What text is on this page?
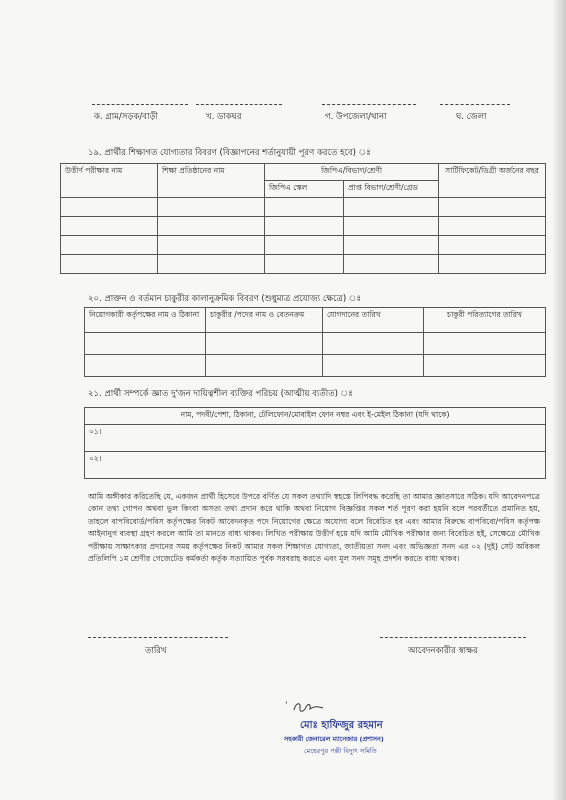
ক. গ্রাম/সড়ক/বাড়ী	খ. ডাকঘর	গ. উপজেলা/থানা	ঘ. জেলা
১৯. প্রার্থীর শিক্ষাগত যোগ্যতার বিবরণ (বিজ্ঞাপনের শর্তানুযায়ী পূরণ করতে হবে) ঃ
উত্তীর্ণ পরীক্ষার নাম	শিক্ষা প্রতিষ্ঠানের নাম	জিপিএ/বিভাগ/শ্রেণী		সার্টিফিকেট/ডিগ্রী অর্জনের বছর
		জিপিএ স্কেল	প্রাপ্ত বিভাগ/শ্রেণী/গ্রেড	

২০. প্রাক্তন ও বর্তমান চাকুরীর কালানুক্রমিক বিবরণ (শুধুমাত্র প্রযোজ্য ক্ষেত্রে) ঃ
নিয়োগকারী কর্তৃপক্ষের নাম ও ঠিকানা	চাকুরীর /পদের নাম ও বেতনক্রম	যোগদানের তারিখ	চাকুরী পরিত্যাগের তারিখ

২১. প্রার্থী সম্পর্কে জ্ঞাত দু'জন দায়িত্বশীল ব্যক্তির পরিচয় (আত্মীয় ব্যতীত) ঃ
নাম, পদবী/পেশা, ঠিকানা, টেলিফোন/মোবাইল ফোন নম্বর এবং ই-মেইল ঠিকানা (যদি থাকে)
০১।
০২।
আমি অঙ্গীকার করিতেছি যে, একজন প্রার্থী হিসেবে উপরে বর্ণিত যে সকল তথ্যাদি স্বহস্তে লিপিবদ্ধ করেছি তা আমার জ্ঞাতসারে সঠিক। যদি আবেদনপত্রে কোন তথ্য গোপন অথবা ভুল কিংবা অসত্য তথ্য প্রদান করে থাকি অথবা নিয়োগ বিজ্ঞপ্তির সকল শর্ত পূরণ করা হয়নি বলে পরবর্তীতে প্রমানিত হয়, তাহলে বাপবিবোর্ড/পবিস কর্তৃপক্ষের নিকট আবেদনকৃত পদে নিয়োগের ক্ষেত্রে অযোগ্য বলে বিবেচিত হব এবং আমার বিরুদ্ধে বাপবিবো/পবিস কর্তৃপক্ষ আইনানুগ ব্যবস্থা গ্রহণ করলে আমি তা মানতে বাধ্য থাকব। লিখিত পরীক্ষায় উত্তীর্ণ হয়ে যদি আমি মৌখিক পরীক্ষার জন্য বিবেচিত হই, সেক্ষেত্রে মৌখিক পরীক্ষায় সাক্ষাৎকার প্রদানের সময় কর্তৃপক্ষের নিকট আমার সকল শিক্ষাগত যোগ্যতা, জাতীয়তা সনদ এবং অভিজ্ঞতা সনদ এর ০২ (দুই) সেট অবিকল প্রতিলিপি ১ম শ্রেণীর গেজেটেড কর্মকর্তা কর্তৃক সত্যায়িত পূর্বক সরবরাহ করতে এবং মূল সনদ সমূহ প্রদর্শন করতে বাধ্য থাকব।
তারিখ	আবেদনকারীর স্বাক্ষর
ʻ
মোঃ হাফিজুর রহমান
সহকারী জেনারেল ম্যানেজার (প্রশাসন)
মেহেরপুর পল্লী বিদ্যুৎ সমিতি
